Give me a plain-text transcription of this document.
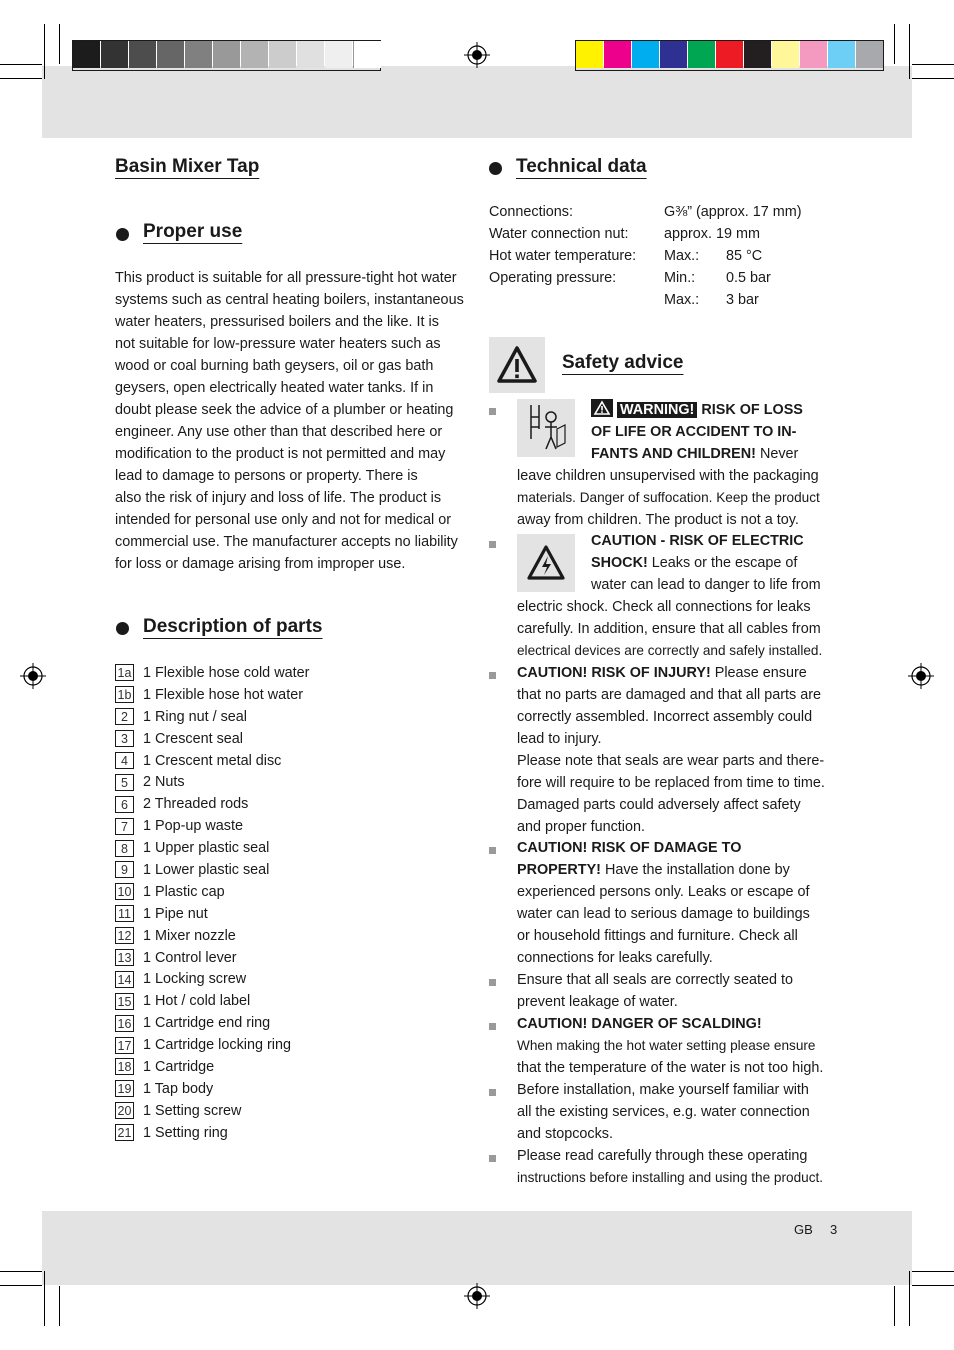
Basin Mixer Tap
Proper use
This product is suitable for all pressure-tight hot water
systems such as central heating boilers, instantaneous
water heaters, pressurised boilers and the like. It is
not suitable for low-pressure water heaters such as
wood or coal burning bath geysers, oil or gas bath
geysers, open electrically heated water tanks. If in
doubt please seek the advice of a plumber or heating
engineer. Any use other than that described here or
modification to the product is not permitted and may
lead to damage to persons or property. There is
also the risk of injury and loss of life. The product is
intended for personal use only and not for medical or
commercial use. The manufacturer accepts no liability
for loss or damage arising from improper use.
Description of parts
1a 1 Flexible hose cold water
1b 1 Flexible hose hot water
2	1 Ring nut / seal
3	1 Crescent seal
4	1 Crescent metal disc
5	2 Nuts
6	2 Threaded rods
7	1 Pop-up waste
8	1 Upper plastic seal
9	1 Lower plastic seal
10 1 Plastic cap
11 1 Pipe nut
12 1 Mixer nozzle
13 1 Control lever
14 1 Locking screw
15 1 Hot / cold label
16 1 Cartridge end ring
17 1 Cartridge locking ring
18 1 Cartridge
19 1 Tap body
20 1 Setting screw
21 1 Setting ring
Technical data
Connections:	G⅜” (approx. 17 mm)
Water connection nut: approx. 19 mm
Hot water temperature: Max.: 85 °C
Operating pressure:	Min.: 0.5 bar
Max.: 3 bar
Safety advice
WARNING! RISK OF LOSS
OF LIFE OR ACCIDENT TO IN-
FANTS AND CHILDREN! Never
leave children unsupervised with the packaging
materials. Danger of suffocation. Keep the product
away from children. The product is not a toy.
CAUTION - RISK OF ELECTRIC
SHOCK! Leaks or the escape of
water can lead to danger to life from
electric shock. Check all connections for leaks
carefully. In addition, ensure that all cables from
electrical devices are correctly and safely installed.
CAUTION! RISK OF INJURY! Please ensure
that no parts are damaged and that all parts are
correctly assembled. Incorrect assembly could
lead to injury.
Please note that seals are wear parts and there-
fore will require to be replaced from time to time.
Damaged parts could adversely affect safety
and proper function.
CAUTION! RISK OF DAMAGE TO
PROPERTY! Have the installation done by
experienced persons only. Leaks or escape of
water can lead to serious damage to buildings
or household fittings and furniture. Check all
connections for leaks carefully.
Ensure that all seals are correctly seated to
prevent leakage of water.
CAUTION! DANGER OF SCALDING!
When making the hot water setting please ensure
that the temperature of the water is not too high.
Before installation, make yourself familiar with
all the existing services, e.g. water connection
and stopcocks.
Please read carefully through these operating
instructions before installing and using the product.
GB 3
